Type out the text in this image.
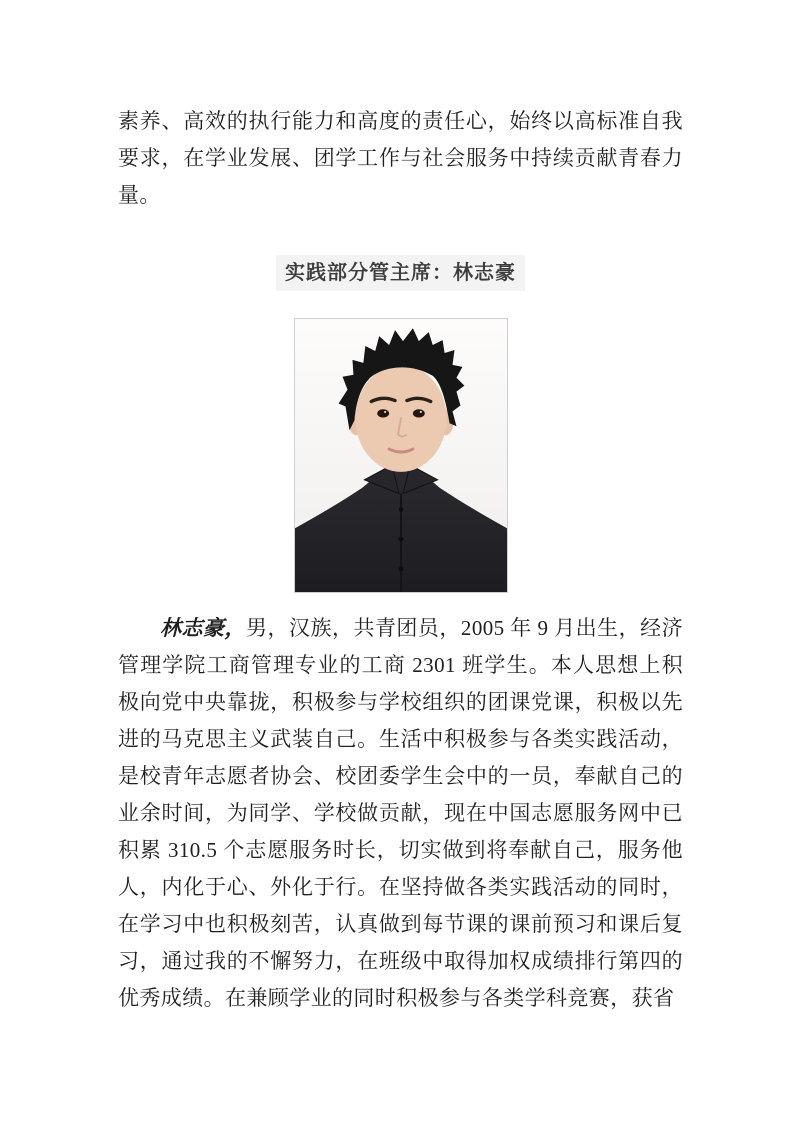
素养、高效的执行能力和高度的责任心，始终以高标准自我要求，在学业发展、团学工作与社会服务中持续贡献青春力量。

实践部分管主席：林志豪

林志豪，男，汉族，共青团员，2005 年 9 月出生，经济管理学院工商管理专业的工商 2301 班学生。本人思想上积极向党中央靠拢，积极参与学校组织的团课党课，积极以先进的马克思主义武装自己。生活中积极参与各类实践活动，是校青年志愿者协会、校团委学生会中的一员，奉献自己的业余时间，为同学、学校做贡献，现在中国志愿服务网中已积累 310.5 个志愿服务时长，切实做到将奉献自己，服务他人，内化于心、外化于行。在坚持做各类实践活动的同时，在学习中也积极刻苦，认真做到每节课的课前预习和课后复习，通过我的不懈努力，在班级中取得加权成绩排行第四的优秀成绩。在兼顾学业的同时积极参与各类学科竞赛，获省
